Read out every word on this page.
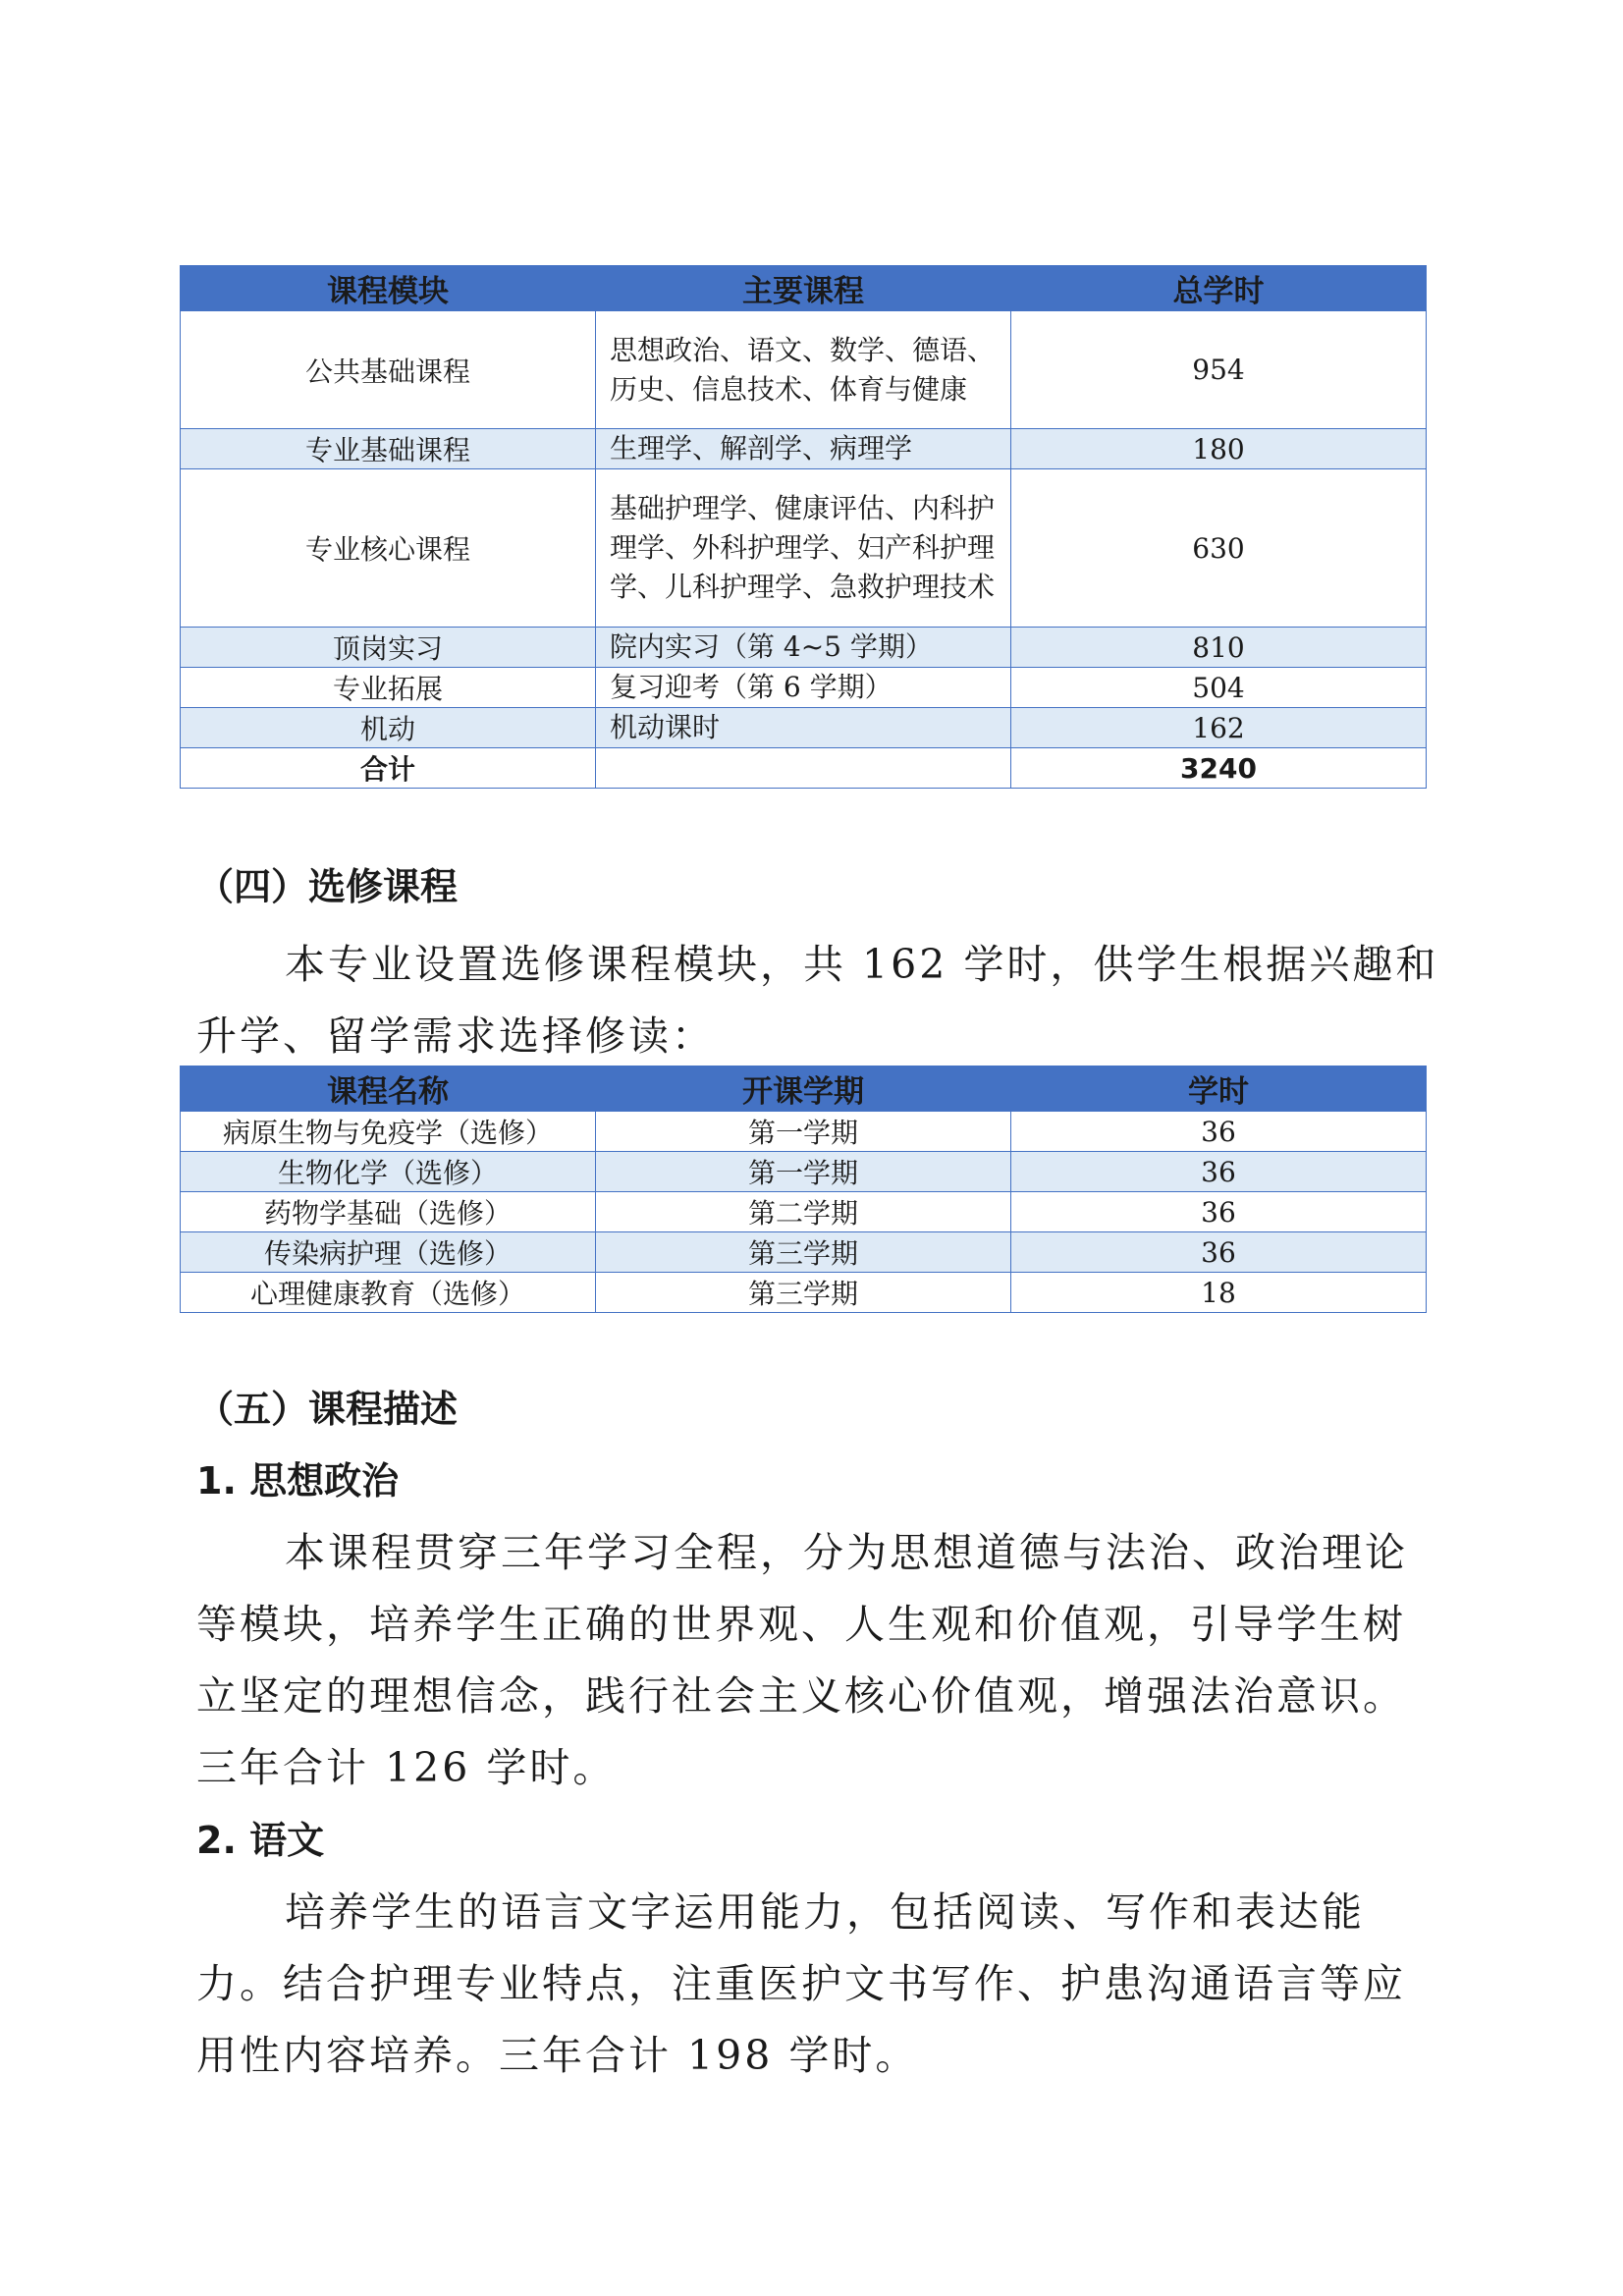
课程模块	主要课程	总学时
公共基础课程	思想政治、语文、数学、德语、历史、信息技术、体育与健康	954
专业基础课程	生理学、解剖学、病理学	180
专业核心课程	基础护理学、健康评估、内科护理学、外科护理学、妇产科护理学、儿科护理学、急救护理技术	630
顶岗实习	院内实习（第 4~5 学期）	810
专业拓展	复习迎考（第 6 学期）	504
机动	机动课时	162
合计		3240
（四）选修课程

本专业设置选修课程模块，共 162 学时，供学生根据兴趣和升学、留学需求选择修读：

课程名称	开课学期	学时
病原生物与免疫学（选修）	第一学期	36
生物化学（选修）	第一学期	36
药物学基础（选修）	第二学期	36
传染病护理（选修）	第三学期	36
心理健康教育（选修）	第三学期	18
（五）课程描述
1. 思想政治

本课程贯穿三年学习全程，分为思想道德与法治、政治理论等模块，培养学生正确的世界观、人生观和价值观，引导学生树立坚定的理想信念，践行社会主义核心价值观，增强法治意识。三年合计 126 学时。

2. 语文

培养学生的语言文字运用能力，包括阅读、写作和表达能力。结合护理专业特点，注重医护文书写作、护患沟通语言等应用性内容培养。三年合计 198 学时。
